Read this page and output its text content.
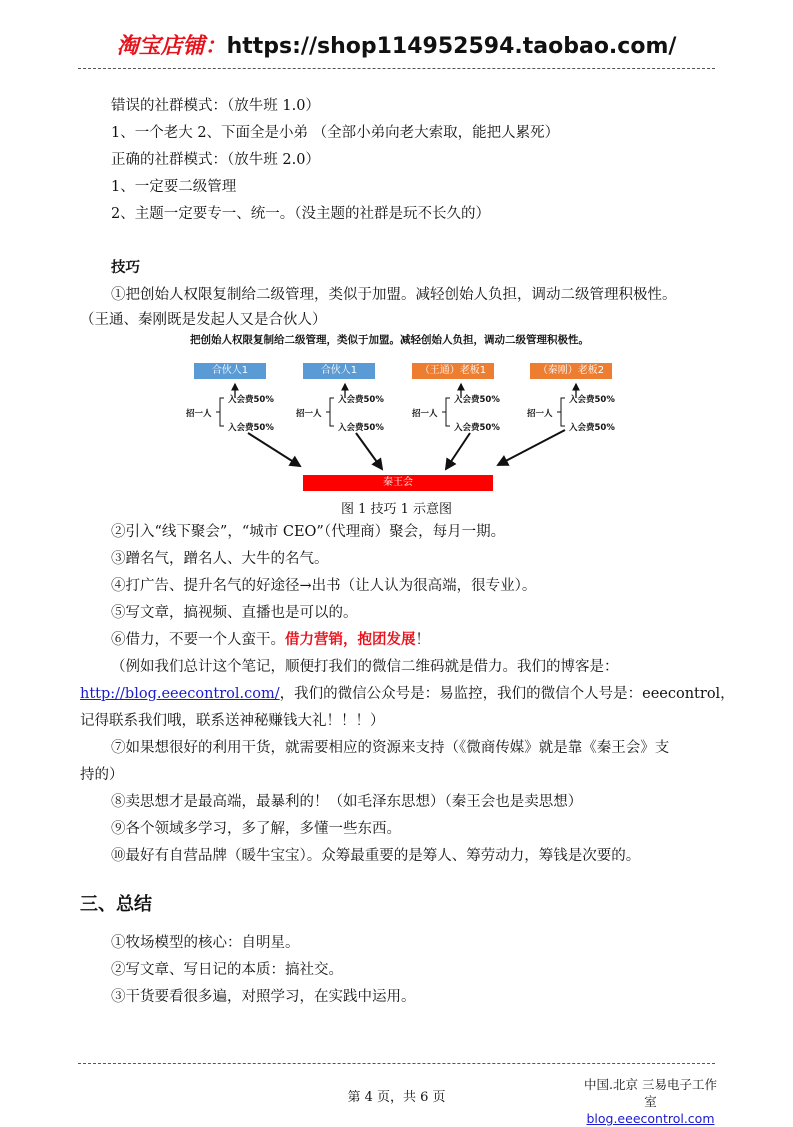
淘宝店铺：https://shop114952594.taobao.com/
错误的社群模式：（放牛班 1.0）
1、一个老大 2、下面全是小弟 （全部小弟向老大索取，能把人累死）
正确的社群模式：（放牛班 2.0）
1、一定要二级管理
2、主题一定要专一、统一。（没主题的社群是玩不长久的）
技巧
①把创始人权限复制给二级管理，类似于加盟。减轻创始人负担，调动二级管理积极性。
（王通、秦刚既是发起人又是合伙人）
把创始人权限复制给二级管理，类似于加盟。减轻创始人负担，调动二级管理积极性。
合伙人1	合伙人1	（王通）老板1	（秦刚）老板2
招一人
入会费50%
入会费50%
招一人
入会费50%
入会费50%
招一人
入会费50%
入会费50%
招一人
入会费50%
入会费50%
秦王会
图 1 技巧 1 示意图
②引入“线下聚会”，“城市 CEO”（代理商）聚会，每月一期。
③蹭名气，蹭名人、大牛的名气。
④打广告、提升名气的好途径→出书（让人认为很高端，很专业）。
⑤写文章，搞视频、直播也是可以的。
⑥借力，不要一个人蛮干。借力营销，抱团发展！
（例如我们总计这个笔记，顺便打我们的微信二维码就是借力。我们的博客是：
http://blog.eeecontrol.com/，我们的微信公众号是：易监控，我们的微信个人号是：eeecontrol，
记得联系我们哦，联系送神秘赚钱大礼！！！）
⑦如果想很好的利用干货，就需要相应的资源来支持（《微商传媒》就是靠《秦王会》支
持的）
⑧卖思想才是最高端，最暴利的！（如毛泽东思想）（秦王会也是卖思想）
⑨各个领域多学习，多了解，多懂一些东西。
⑩最好有自营品牌（暖牛宝宝）。众筹最重要的是筹人、筹劳动力，筹钱是次要的。
三、总结
①牧场模型的核心：自明星。
②写文章、写日记的本质：搞社交。
③干货要看很多遍，对照学习，在实践中运用。
第 4 页，共 6 页
中国.北京 三易电子工作室
blog.eeecontrol.com
